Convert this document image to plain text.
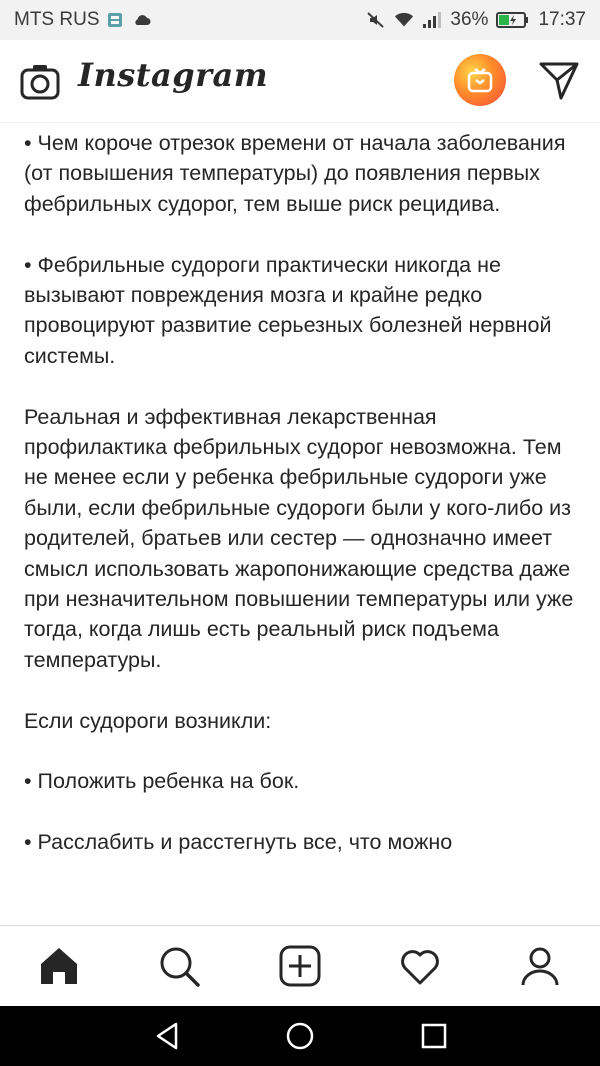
MTS RUS	36%	17:37
Instagram

• Чем короче отрезок времени от начала заболевания (от повышения температуры) до появления первых фебрильных судорог, тем выше риск рецидива.

• Фебрильные судороги практически никогда не вызывают повреждения мозга и крайне редко провоцируют развитие серьезных болезней нервной системы.

Реальная и эффективная лекарственная профилактика фебрильных судорог невозможна. Тем не менее если у ребенка фебрильные судороги уже были, если фебрильные судороги были у кого-либо из родителей, братьев или сестер — однозначно имеет смысл использовать жаропонижающие средства даже при незначительном повышении температуры или уже тогда, когда лишь есть реальный риск подъема температуры.

Если судороги возникли:

• Положить ребенка на бок.

• Расслабить и расстегнуть все, что можно
